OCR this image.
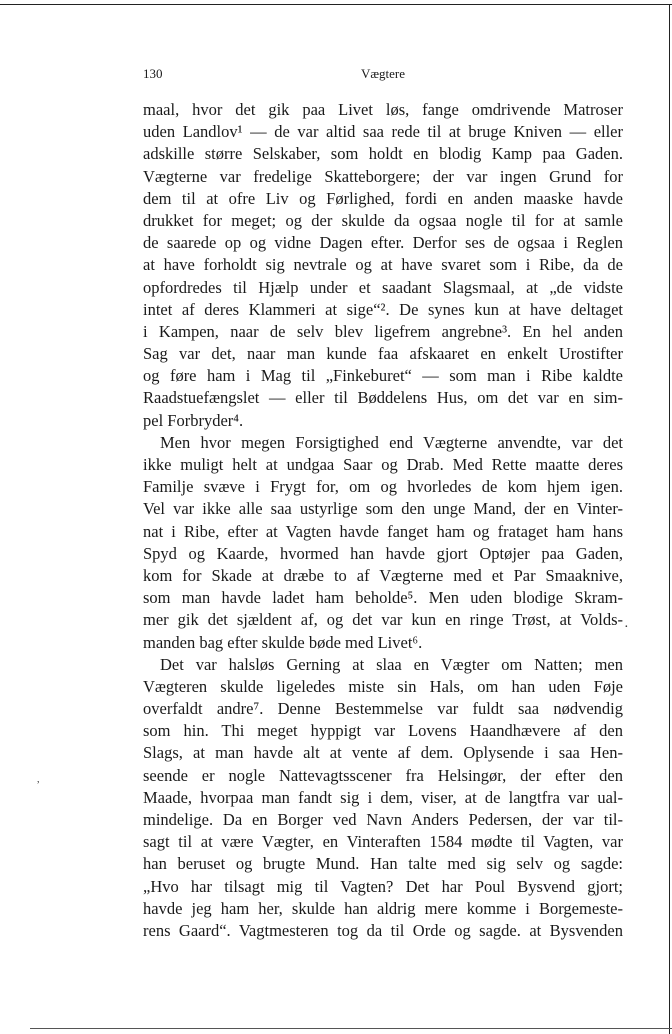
130	Vægtere
maal, hvor det gik paa Livet løs, fange omdrivende Matroser
uden Landlov¹ — de var altid saa rede til at bruge Kniven — eller
adskille større Selskaber, som holdt en blodig Kamp paa Gaden.
Vægterne var fredelige Skatteborgere; der var ingen Grund for
dem til at ofre Liv og Førlighed, fordi en anden maaske havde
drukket for meget; og der skulde da ogsaa nogle til for at samle
de saarede op og vidne Dagen efter. Derfor ses de ogsaa i Reglen
at have forholdt sig nevtrale og at have svaret som i Ribe, da de
opfordredes til Hjælp under et saadant Slagsmaal, at „de vidste
intet af deres Klammeri at sige“². De synes kun at have deltaget
i Kampen, naar de selv blev ligefrem angrebne³. En hel anden
Sag var det, naar man kunde faa afskaaret en enkelt Urostifter
og føre ham i Mag til „Finkeburet“ — som man i Ribe kaldte
Raadstuefængslet — eller til Bøddelens Hus, om det var en sim-
pel Forbryder⁴.
Men hvor megen Forsigtighed end Vægterne anvendte, var det
ikke muligt helt at undgaa Saar og Drab. Med Rette maatte deres
Familje svæve i Frygt for, om og hvorledes de kom hjem igen.
Vel var ikke alle saa ustyrlige som den unge Mand, der en Vinter-
nat i Ribe, efter at Vagten havde fanget ham og frataget ham hans
Spyd og Kaarde, hvormed han havde gjort Optøjer paa Gaden,
kom for Skade at dræbe to af Vægterne med et Par Smaaknive,
som man havde ladet ham beholde⁵. Men uden blodige Skram-
mer gik det sjældent af, og det var kun en ringe Trøst, at Volds-
manden bag efter skulde bøde med Livet⁶.
Det var halsløs Gerning at slaa en Vægter om Natten; men
Vægteren skulde ligeledes miste sin Hals, om han uden Føje
overfaldt andre⁷. Denne Bestemmelse var fuldt saa nødvendig
som hin. Thi meget hyppigt var Lovens Haandhævere af den
Slags, at man havde alt at vente af dem. Oplysende i saa Hen-
seende er nogle Nattevagtsscener fra Helsingør, der efter den
Maade, hvorpaa man fandt sig i dem, viser, at de langtfra var ual-
mindelige. Da en Borger ved Navn Anders Pedersen, der var til-
sagt til at være Vægter, en Vinteraften 1584 mødte til Vagten, var
han beruset og brugte Mund. Han talte med sig selv og sagde:
„Hvo har tilsagt mig til Vagten? Det har Poul Bysvend gjort;
havde jeg ham her, skulde han aldrig mere komme i Borgemeste-
rens Gaard“. Vagtmesteren tog da til Orde og sagde. at Bysvenden
·
,
